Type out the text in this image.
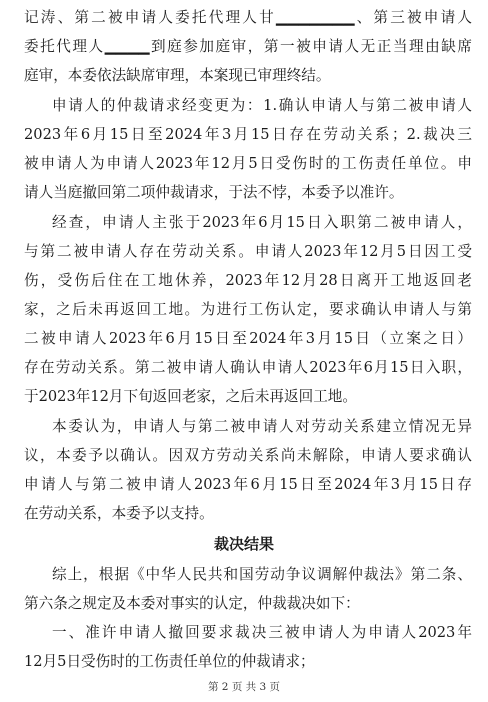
记涛、第二被申请人委托代理人甘▁▁▁▁▁▁▁、第三被申请人
委托代理人▁▁▁▁到庭参加庭审，第一被申请人无正当理由缺席
庭审，本委依法缺席审理，本案现已审理终结。
申请人的仲裁请求经变更为：1.确认申请人与第二被申请人
2023年6月15日至2024年3月15日存在劳动关系；2.裁决三
被申请人为申请人2023年12月5日受伤时的工伤责任单位。申
请人当庭撤回第二项仲裁请求，于法不悖，本委予以准许。
经查，申请人主张于2023年6月15日入职第二被申请人，
与第二被申请人存在劳动关系。申请人2023年12月5日因工受
伤，受伤后住在工地休养，2023年12月28日离开工地返回老
家，之后未再返回工地。为进行工伤认定，要求确认申请人与第
二被申请人2023年6月15日至2024年3月15日（立案之日）
存在劳动关系。第二被申请人确认申请人2023年6月15日入职，
于2023年12月下旬返回老家，之后未再返回工地。
本委认为，申请人与第二被申请人对劳动关系建立情况无异
议，本委予以确认。因双方劳动关系尚未解除，申请人要求确认
申请人与第二被申请人2023年6月15日至2024年3月15日存
在劳动关系，本委予以支持。
裁决结果
综上，根据《中华人民共和国劳动争议调解仲裁法》第二条、
第六条之规定及本委对事实的认定，仲裁裁决如下：
一、准许申请人撤回要求裁决三被申请人为申请人2023年
12月5日受伤时的工伤责任单位的仲裁请求；
第 2 页 共 3 页
